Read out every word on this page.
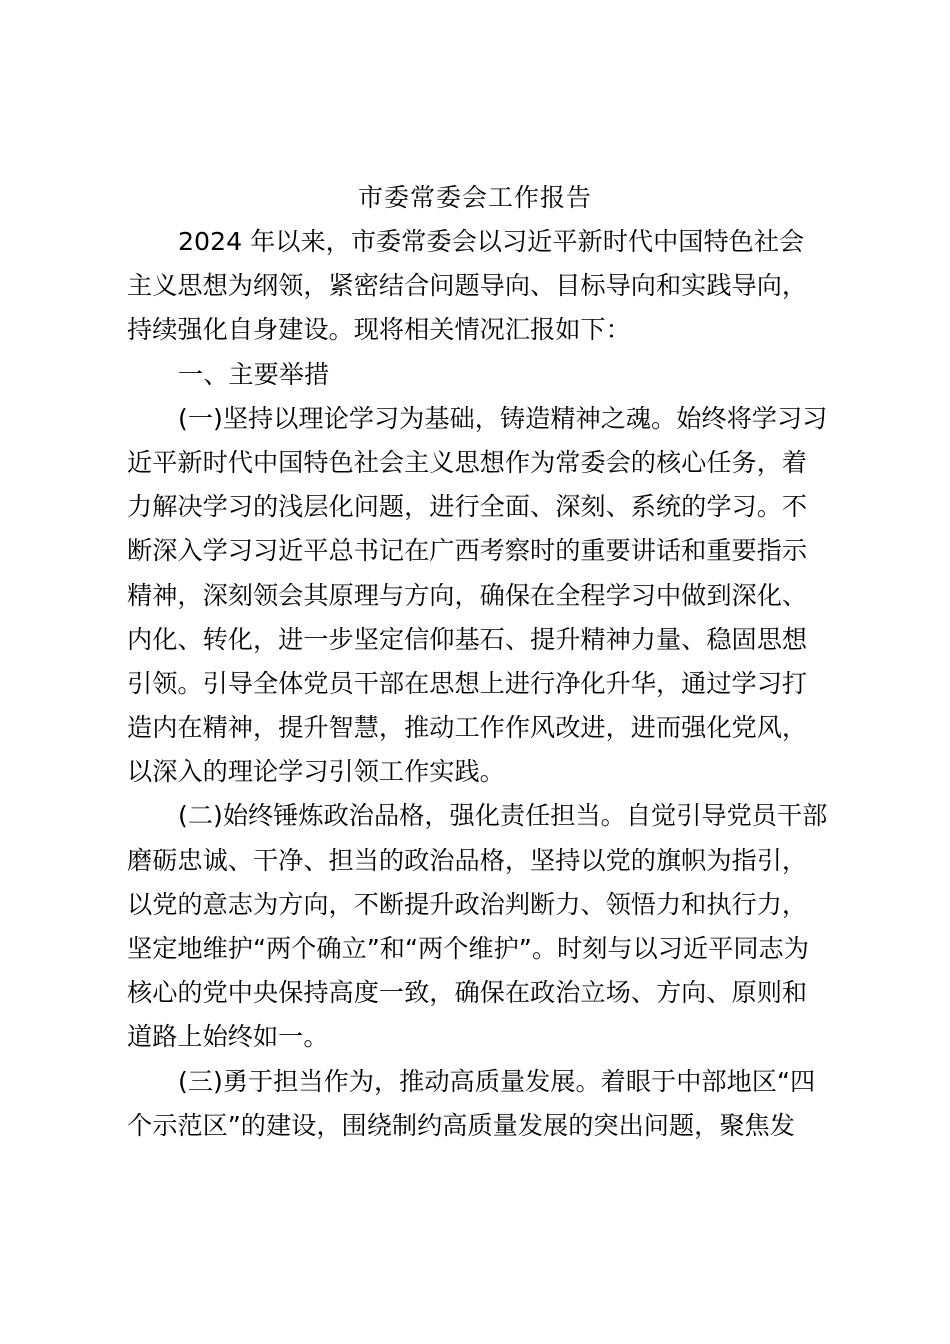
市委常委会工作报告
2024 年以来，市委常委会以习近平新时代中国特色社会
主义思想为纲领，紧密结合问题导向、目标导向和实践导向，
持续强化自身建设。现将相关情况汇报如下：
一、主要举措
(一)坚持以理论学习为基础，铸造精神之魂。始终将学习习
近平新时代中国特色社会主义思想作为常委会的核心任务，着
力解决学习的浅层化问题，进行全面、深刻、系统的学习。不
断深入学习习近平总书记在广西考察时的重要讲话和重要指示
精神，深刻领会其原理与方向，确保在全程学习中做到深化、
内化、转化，进一步坚定信仰基石、提升精神力量、稳固思想
引领。引导全体党员干部在思想上进行净化升华，通过学习打
造内在精神，提升智慧，推动工作作风改进，进而强化党风，
以深入的理论学习引领工作实践。
(二)始终锤炼政治品格，强化责任担当。自觉引导党员干部
磨砺忠诚、干净、担当的政治品格，坚持以党的旗帜为指引，
以党的意志为方向，不断提升政治判断力、领悟力和执行力，
坚定地维护“两个确立”和“两个维护”。时刻与以习近平同志为
核心的党中央保持高度一致，确保在政治立场、方向、原则和
道路上始终如一。
(三)勇于担当作为，推动高质量发展。着眼于中部地区“四
个示范区”的建设，围绕制约高质量发展的突出问题，聚焦发
